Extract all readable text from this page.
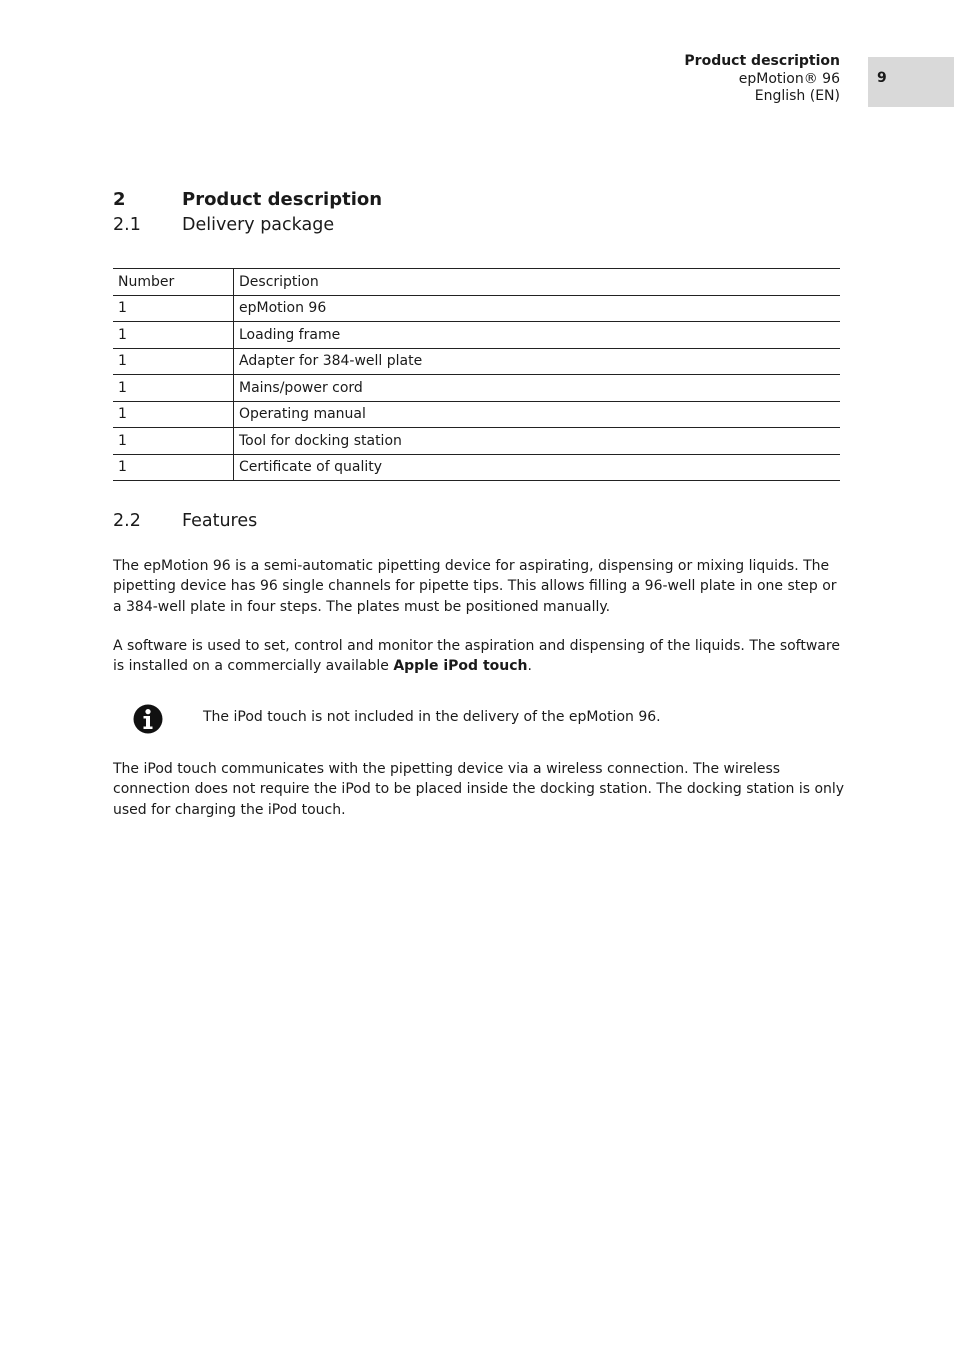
Product description
epMotion® 96
English (EN)
9
2	Product description
2.1	Delivery package
Number	Description
1	epMotion 96
1	Loading frame
1	Adapter for 384-well plate
1	Mains/power cord
1	Operating manual
1	Tool for docking station
1	Certificate of quality
2.2	Features

The epMotion 96 is a semi-automatic pipetting device for aspirating, dispensing or mixing liquids. The pipetting device has 96 single channels for pipette tips. This allows filling a 96-well plate in one step or a 384-well plate in four steps. The plates must be positioned manually.

A software is used to set, control and monitor the aspiration and dispensing of the liquids. The software is installed on a commercially available Apple iPod touch.

The iPod touch is not included in the delivery of the epMotion 96.

The iPod touch communicates with the pipetting device via a wireless connection. The wireless connection does not require the iPod to be placed inside the docking station. The docking station is only used for charging the iPod touch.
